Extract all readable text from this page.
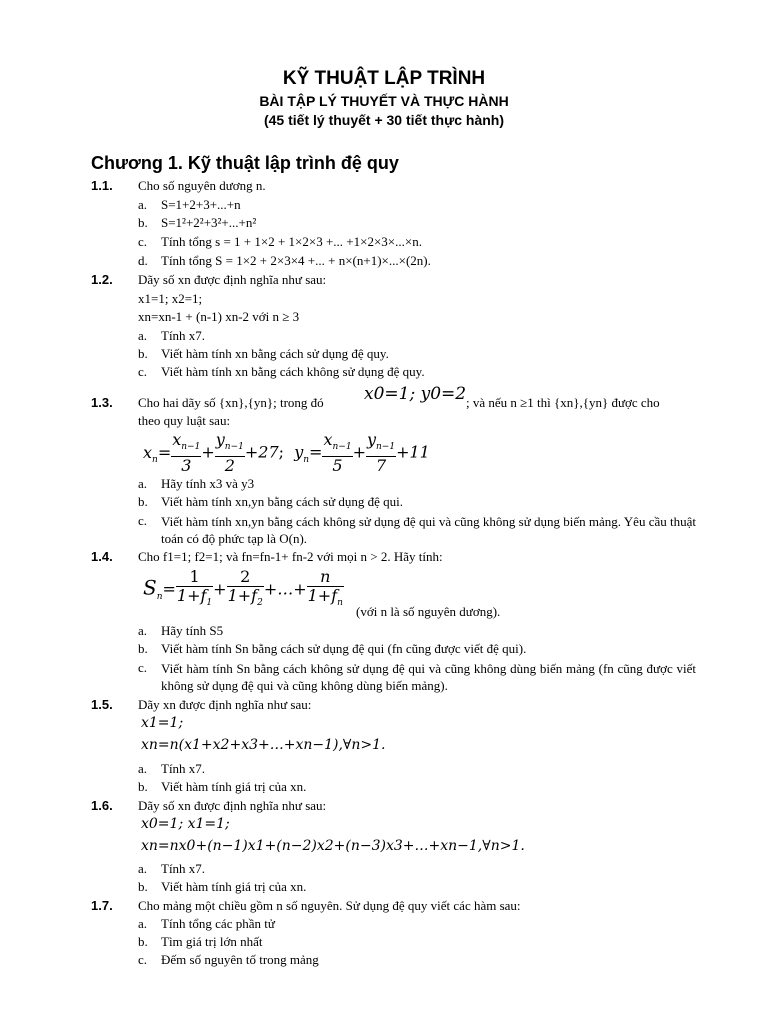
KỸ THUẬT LẬP TRÌNH
BÀI TẬP LÝ THUYẾT VÀ THỰC HÀNH
(45 tiết lý thuyết + 30 tiết thực hành)
Chương 1. Kỹ thuật lập trình đệ quy
1.1. Cho số nguyên dương n.
a. S=1+2+3+...+n
b. S=1²+2²+3²+...+n²
c. Tính tổng s = 1 + 1×2 + 1×2×3 +... +1×2×3×...×n.
d. Tính tổng S = 1×2 + 2×3×4 +... + n×(n+1)×...×(2n).
1.2. Dãy số xn được định nghĩa như sau:
x1=1; x2=1;
xn=xn-1 + (n-1) xn-2 với n ≥ 3
a. Tính x7.
b. Viết hàm tính xn bằng cách sử dụng đệ quy.
c. Viết hàm tính xn bằng cách không sử dụng đệ quy.
1.3. Cho hai dãy số {xn},{yn}; trong đó x0=1; y0=2 ; và nếu n ≥1 thì {xn},{yn} được cho
theo quy luật sau:
$x_n= \frac{x_{n-1}}{3} + \frac{y_{n-1}}{2} +27$;  $y_n= \frac{x_{n-1}}{5} + \frac{y_{n-1}}{7} +11$
a. Hãy tính x3 và y3
b. Viết hàm tính xn,yn bằng cách sử dụng đệ qui.
c. Viết hàm tính xn,yn bằng cách không sử dụng đệ qui và cũng không sử dụng biến mảng. Yêu cầu thuật toán có độ phức tạp là O(n).
1.4. Cho f1=1; f2=1; và fn=fn-1+ fn-2 với mọi n > 2. Hãy tính:
$S_n= \frac{1}{1+f_1} + \frac{2}{1+f_2}$ +…+ $\frac{n}{1+f_n}$ (với n là số nguyên dương).
a. Hãy tính S5
b. Viết hàm tính Sn bằng cách sử dụng đệ qui (fn cũng được viết đệ qui).
c. Viết hàm tính Sn bằng cách không sử dụng đệ qui và cũng không dùng biến mảng (fn cũng được viết không sử dụng đệ qui và cũng không dùng biến mảng).
1.5. Dãy xn được định nghĩa như sau:
x1=1;
xn=n(x1+x2+x3+…+xn−1),∀n>1.
a. Tính x7.
b. Viết hàm tính giá trị của xn.
1.6. Dãy số xn được định nghĩa như sau:
x0=1; x1=1;
xn=nx0+(n−1)x1+(n−2)x2+(n−3)x3+…+xn−1,∀n>1.
a. Tính x7.
b. Viết hàm tính giá trị của xn.
1.7. Cho mảng một chiều gồm n số nguyên. Sử dụng đệ quy viết các hàm sau:
a. Tính tổng các phần tử
b. Tìm giá trị lớn nhất
c. Đếm số nguyên tố trong mảng
